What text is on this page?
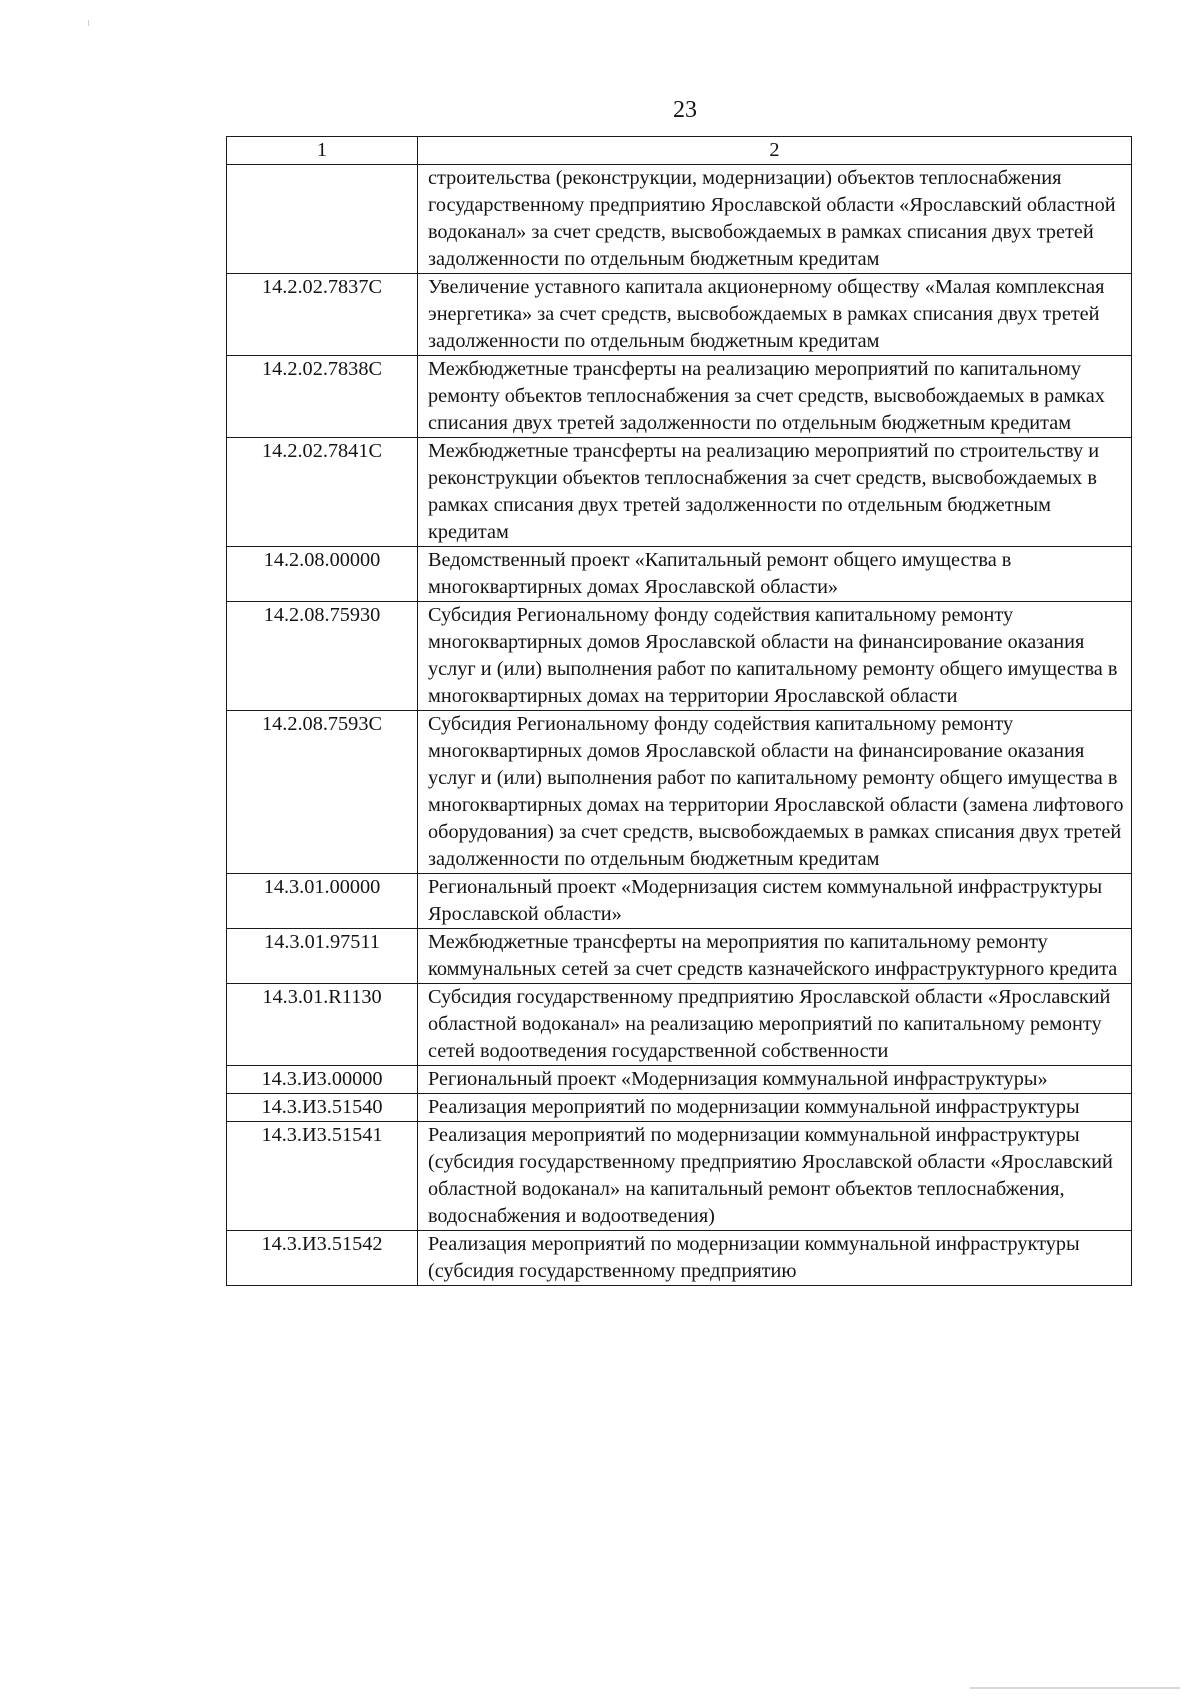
23
1	2
	строительства (реконструкции, модернизации) объектов теплоснабжения государственному предприятию Ярославской области «Ярославский областной водоканал» за счет средств, высвобождаемых в рамках списания двух третей задолженности по отдельным бюджетным кредитам
14.2.02.7837С	Увеличение уставного капитала акционерному обществу «Малая комплексная энергетика» за счет средств, высвобождаемых в рамках списания двух третей задолженности по отдельным бюджетным кредитам
14.2.02.7838С	Межбюджетные трансферты на реализацию мероприятий по капитальному ремонту объектов теплоснабжения за счет средств, высвобождаемых в рамках списания двух третей задолженности по отдельным бюджетным кредитам
14.2.02.7841С	Межбюджетные трансферты на реализацию мероприятий по строительству и реконструкции объектов теплоснабжения за счет средств, высвобождаемых в рамках списания двух третей задолженности по отдельным бюджетным кредитам
14.2.08.00000	Ведомственный проект «Капитальный ремонт общего имущества в многоквартирных домах Ярославской области»
14.2.08.75930	Субсидия Региональному фонду содействия капитальному ремонту многоквартирных домов Ярославской области на финансирование оказания услуг и (или) выполнения работ по капитальному ремонту общего имущества в многоквартирных домах на территории Ярославской области
14.2.08.7593С	Субсидия Региональному фонду содействия капитальному ремонту многоквартирных домов Ярославской области на финансирование оказания услуг и (или) выполнения работ по капитальному ремонту общего имущества в многоквартирных домах на территории Ярославской области (замена лифтового оборудования) за счет средств, высвобождаемых в рамках списания двух третей задолженности по отдельным бюджетным кредитам
14.3.01.00000	Региональный проект «Модернизация систем коммунальной инфраструктуры Ярославской области»
14.3.01.97511	Межбюджетные трансферты на мероприятия по капитальному ремонту коммунальных сетей за счет средств казначейского инфраструктурного кредита
14.3.01.R1130	Субсидия государственному предприятию Ярославской области «Ярославский областной водоканал» на реализацию мероприятий по капитальному ремонту сетей водоотведения государственной собственности
14.3.И3.00000	Региональный проект «Модернизация коммунальной инфраструктуры»
14.3.И3.51540	Реализация мероприятий по модернизации коммунальной инфраструктуры
14.3.И3.51541	Реализация мероприятий по модернизации коммунальной инфраструктуры (субсидия государственному предприятию Ярославской области «Ярославский областной водоканал» на капитальный ремонт объектов теплоснабжения, водоснабжения и водоотведения)
14.3.И3.51542	Реализация мероприятий по модернизации коммунальной инфраструктуры (субсидия государственному предприятию
